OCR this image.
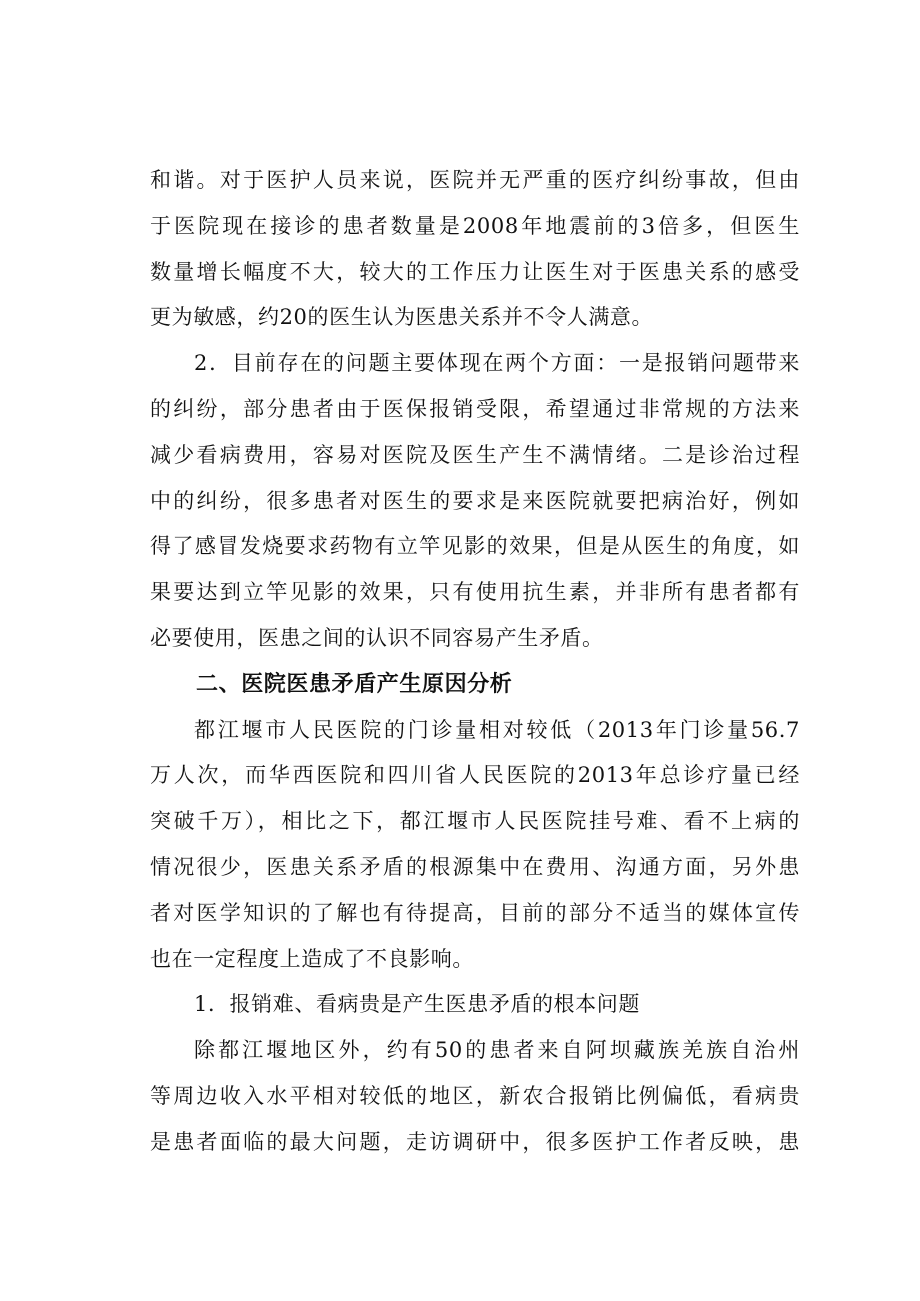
和谐。对于医护人员来说，医院并无严重的医疗纠纷事故，但由
于医院现在接诊的患者数量是2008年地震前的3倍多，但医生
数量增长幅度不大，较大的工作压力让医生对于医患关系的感受
更为敏感，约20的医生认为医患关系并不令人满意。
2．目前存在的问题主要体现在两个方面：一是报销问题带来
的纠纷，部分患者由于医保报销受限，希望通过非常规的方法来
减少看病费用，容易对医院及医生产生不满情绪。二是诊治过程
中的纠纷，很多患者对医生的要求是来医院就要把病治好，例如
得了感冒发烧要求药物有立竿见影的效果，但是从医生的角度，如
果要达到立竿见影的效果，只有使用抗生素，并非所有患者都有
必要使用，医患之间的认识不同容易产生矛盾。
二、医院医患矛盾产生原因分析
都江堰市人民医院的门诊量相对较低（2013年门诊量56.7
万人次，而华西医院和四川省人民医院的2013年总诊疗量已经
突破千万），相比之下，都江堰市人民医院挂号难、看不上病的
情况很少，医患关系矛盾的根源集中在费用、沟通方面，另外患
者对医学知识的了解也有待提高，目前的部分不适当的媒体宣传
也在一定程度上造成了不良影响。
1．报销难、看病贵是产生医患矛盾的根本问题
除都江堰地区外，约有50的患者来自阿坝藏族羌族自治州
等周边收入水平相对较低的地区，新农合报销比例偏低，看病贵
是患者面临的最大问题，走访调研中，很多医护工作者反映，患
